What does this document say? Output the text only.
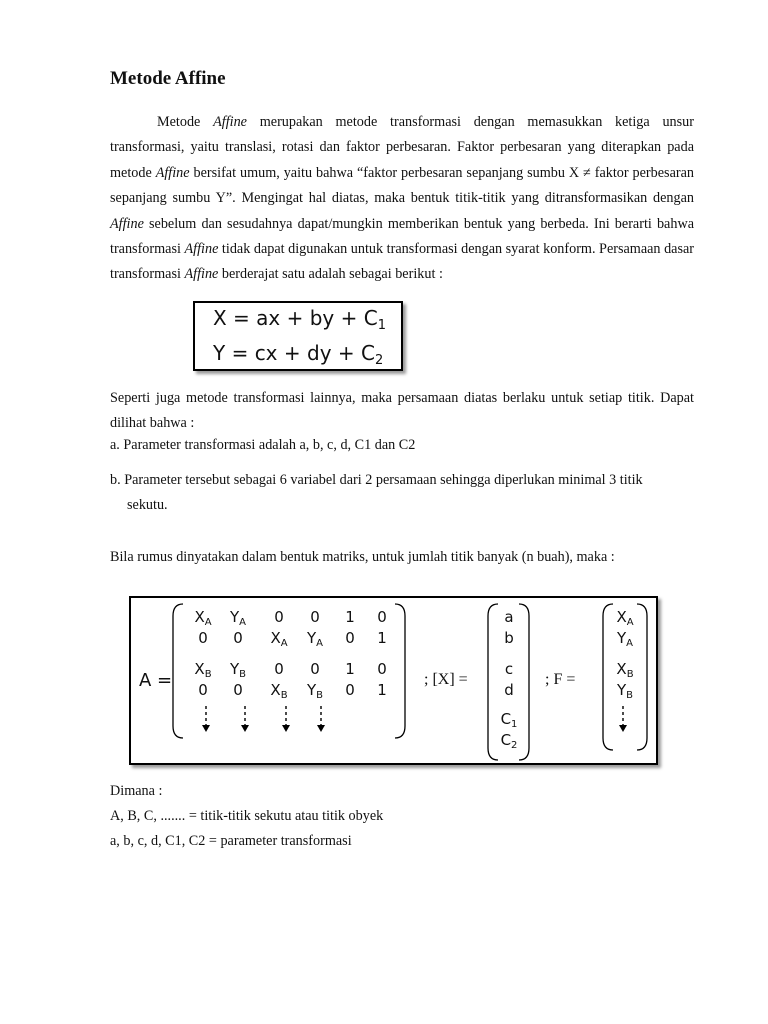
Metode Affine

Metode Affine merupakan metode transformasi dengan memasukkan ketiga unsur transformasi, yaitu translasi, rotasi dan faktor perbesaran. Faktor perbesaran yang diterapkan pada metode Affine bersifat umum, yaitu bahwa “faktor perbesaran sepanjang sumbu X ≠ faktor perbesaran sepanjang sumbu Y”. Mengingat hal diatas, maka bentuk titik-titik yang ditransformasikan dengan Affine sebelum dan sesudahnya dapat/mungkin memberikan bentuk yang berbeda. Ini berarti bahwa transformasi Affine tidak dapat digunakan untuk transformasi dengan syarat konform. Persamaan dasar transformasi Affine berderajat satu adalah sebagai berikut :

X = ax + by + $C_1$
Y = cx + dy + $C_2$

Seperti juga metode transformasi lainnya, maka persamaan diatas berlaku untuk setiap titik. Dapat dilihat bahwa :

a. Parameter transformasi adalah a, b, c, d, C1 dan C2

b. Parameter tersebut sebagai 6 variabel dari 2 persamaan sehingga diperlukan minimal 3 titik

sekutu.

Bila rumus dinyatakan dalam bentuk matriks, untuk jumlah titik banyak (n buah), maka :

A =	; [X] =	; F =
$X_A$ $Y_A$ 0 0 1 0
0 0 $X_A$ $Y_A$ 0 1
$X_B$ $Y_B$ 0 0 1 0
0 0 $X_B$ $Y_B$ 0 1
a
b
c
d
$C_1$
$C_2$
$X_A$
$Y_A$
$X_B$
$Y_B$

Dimana :

A, B, C, ....... = titik-titik sekutu atau titik obyek

a, b, c, d, C1, C2 = parameter transformasi
